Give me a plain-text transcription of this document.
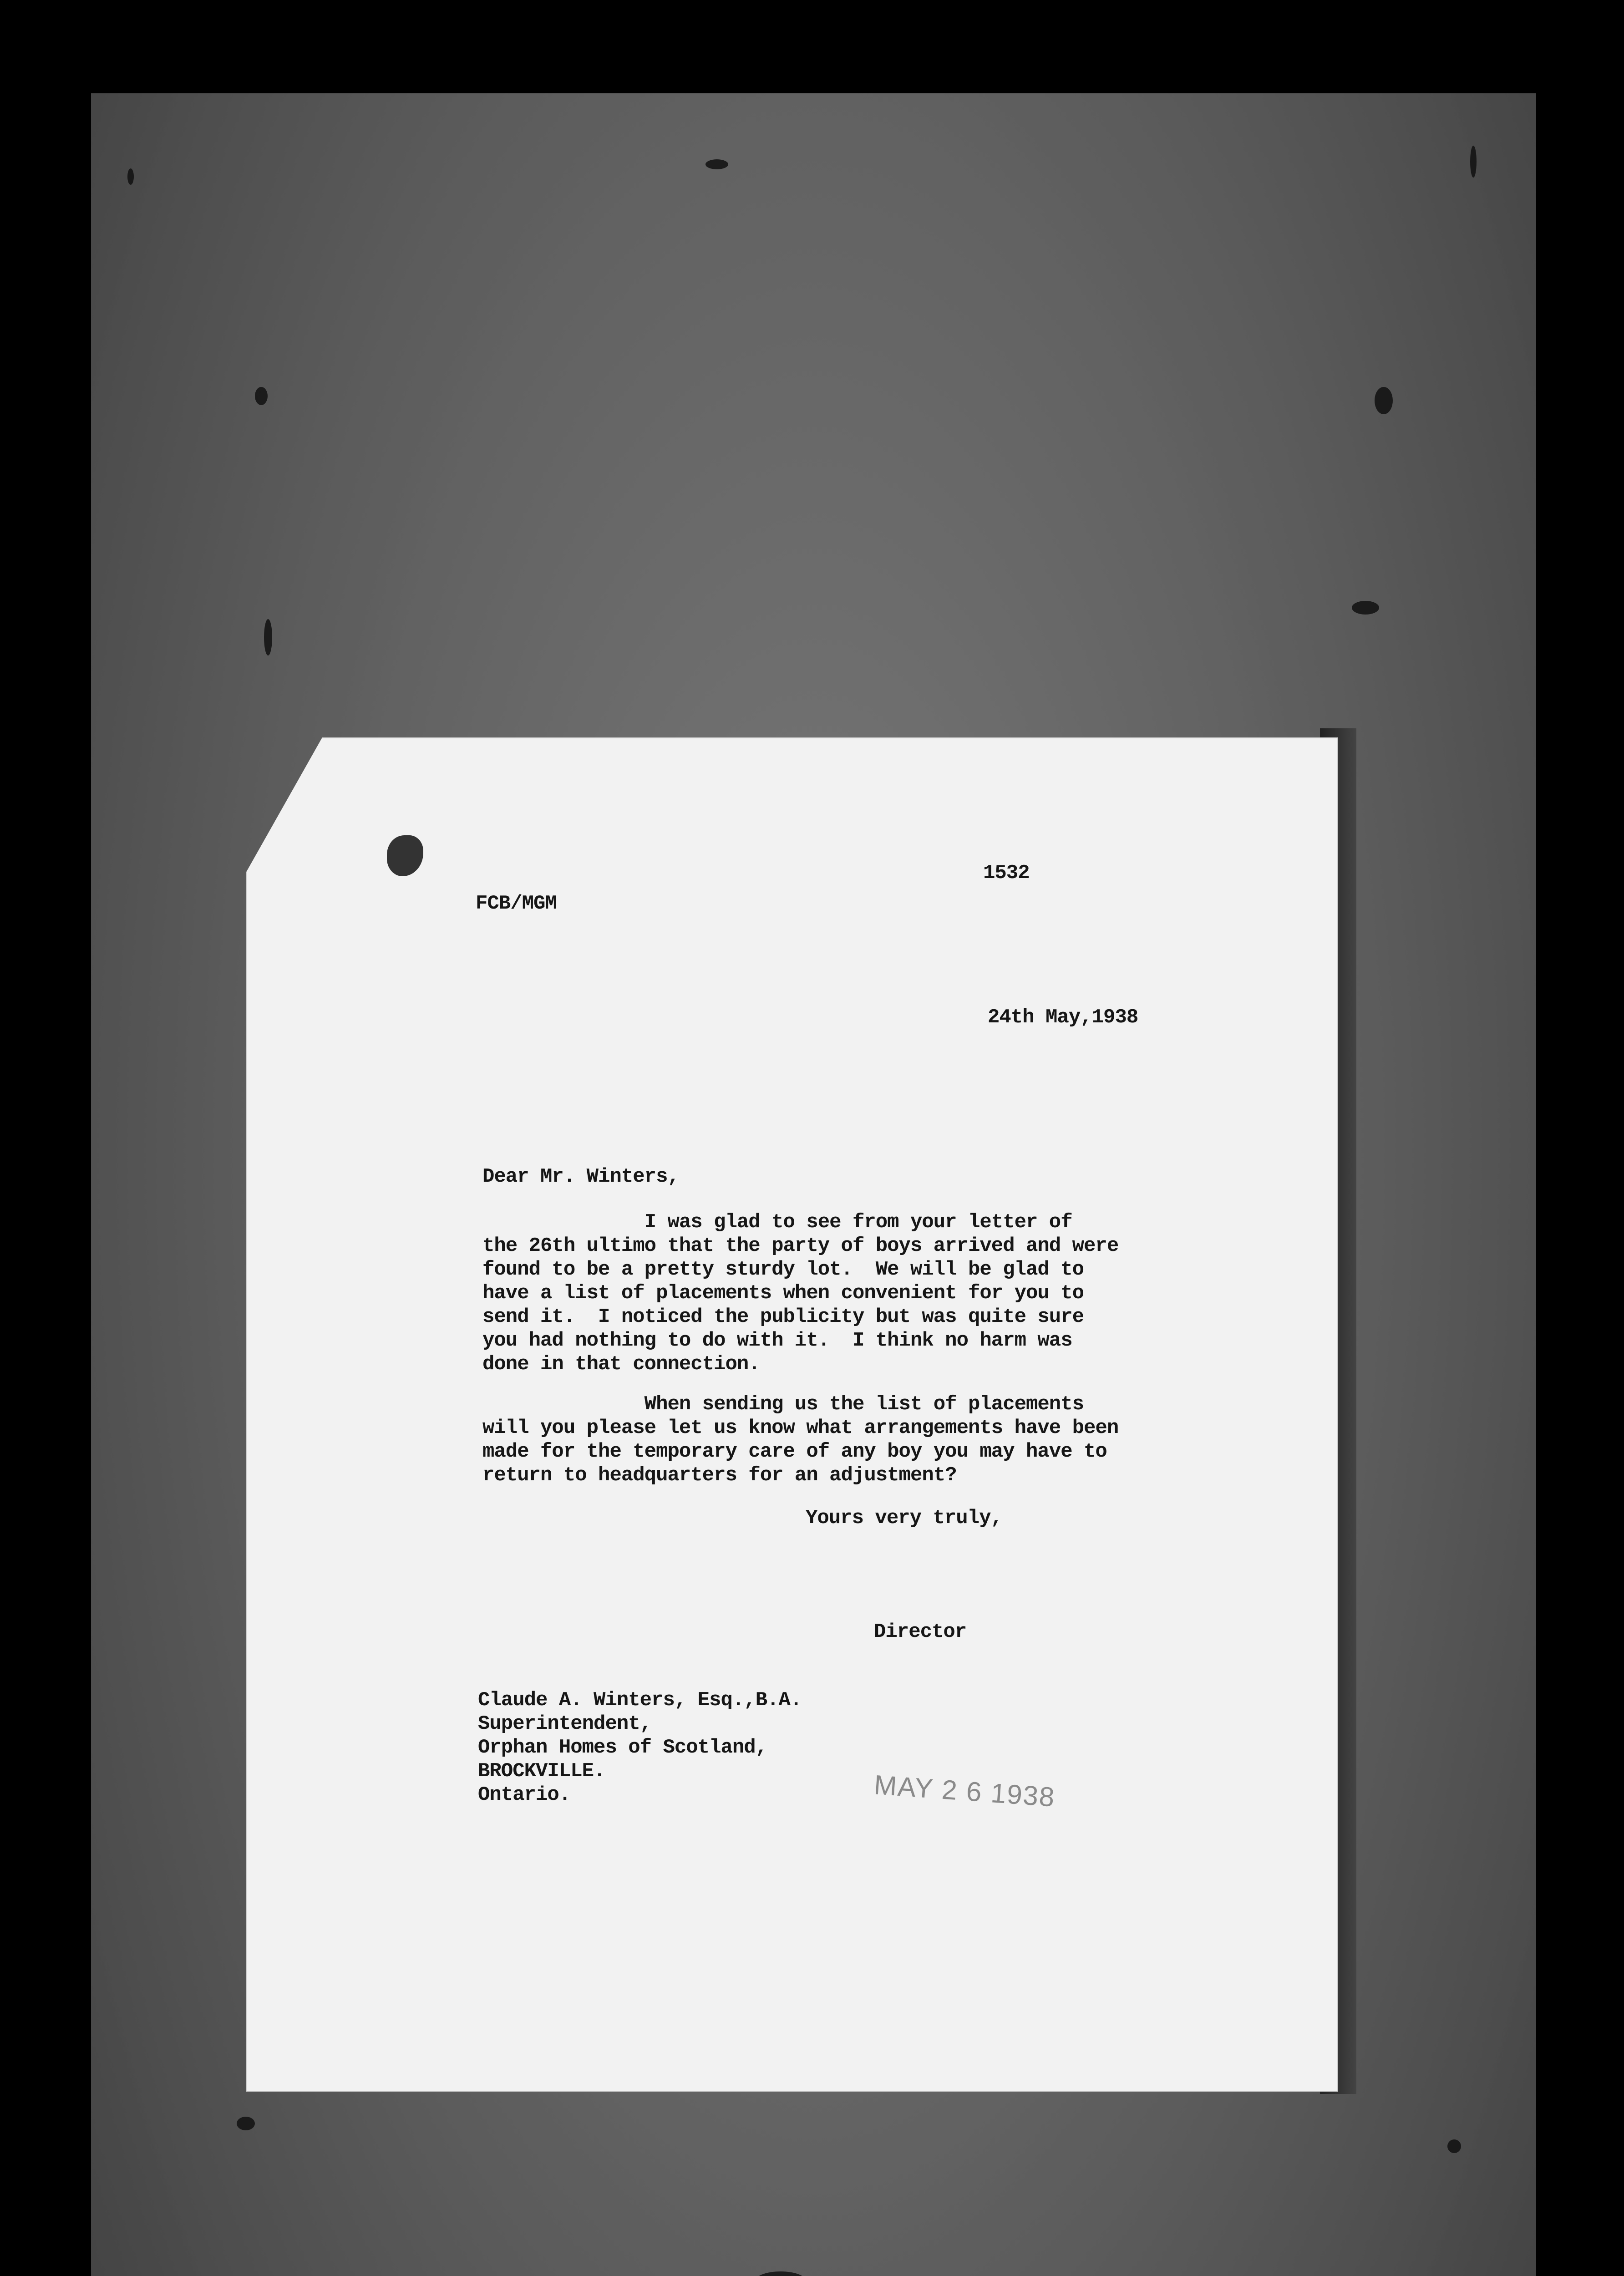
1532
FCB/MGM
24th May,1938
Dear Mr. Winters,
I was glad to see from your letter of
the 26th ultimo that the party of boys arrived and were
found to be a pretty sturdy lot.  We will be glad to
have a list of placements when convenient for you to
send it.  I noticed the publicity but was quite sure
you had nothing to do with it.  I think no harm was
done in that connection.
When sending us the list of placements
will you please let us know what arrangements have been
made for the temporary care of any boy you may have to
return to headquarters for an adjustment?
Yours very truly,
Director
Claude A. Winters, Esq.,B.A.
Superintendent,
Orphan Homes of Scotland,
BROCKVILLE.
Ontario.	MAY 2 6 1938
